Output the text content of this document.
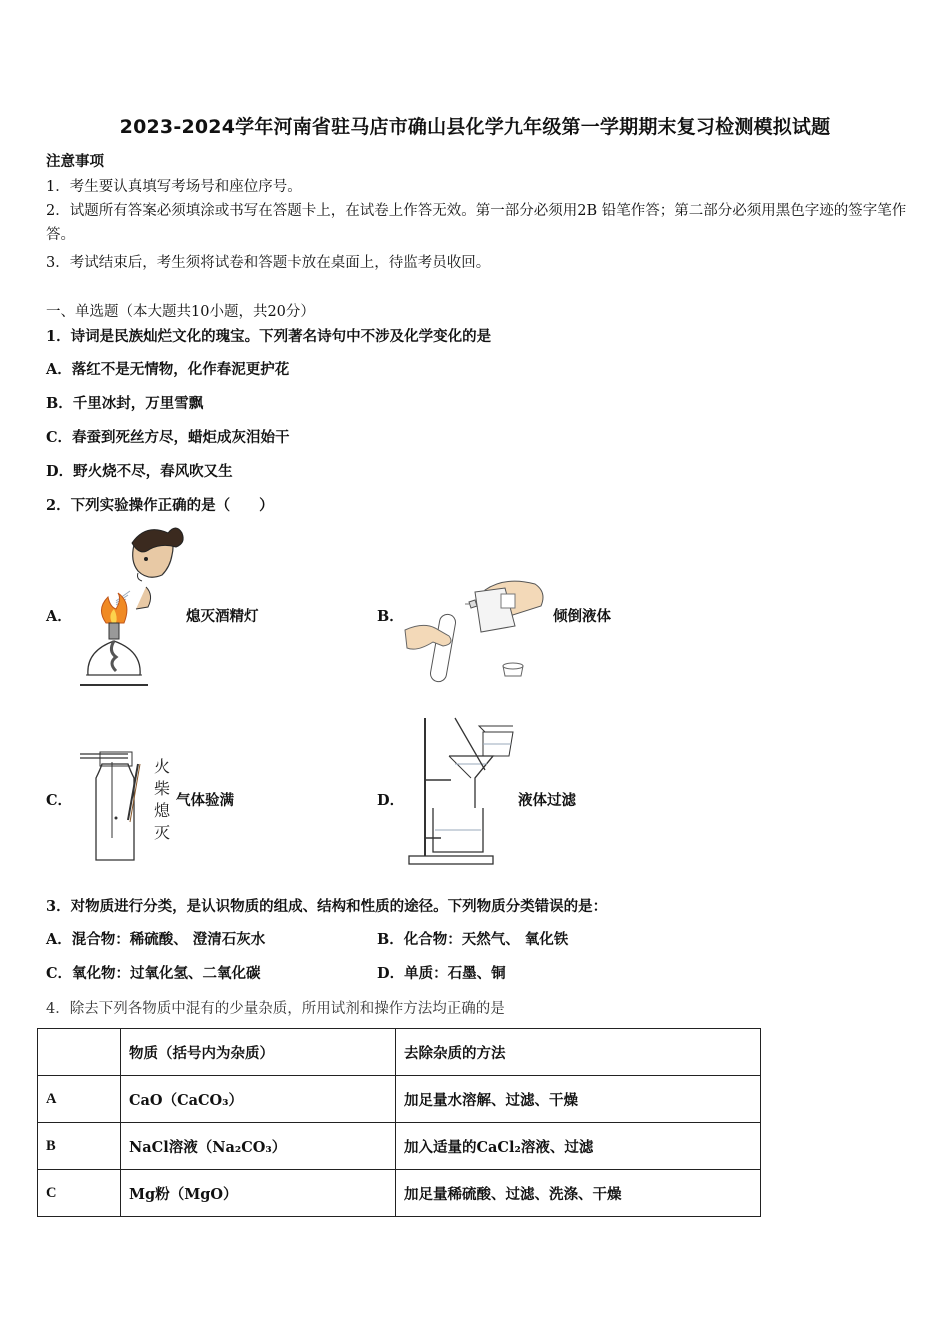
2023-2024学年河南省驻马店市确山县化学九年级第一学期期末复习检测模拟试题
注意事项
1．考生要认真填写考场号和座位序号。
2．试题所有答案必须填涂或书写在答题卡上，在试卷上作答无效。第一部分必须用2B 铅笔作答；第二部分必须用黑色字迹的签字笔作答。
3．考试结束后，考生须将试卷和答题卡放在桌面上，待监考员收回。
一、单选题（本大题共10小题，共20分）
1．诗词是民族灿烂文化的瑰宝。下列著名诗句中不涉及化学变化的是
A．落红不是无情物，化作春泥更护花
B．千里冰封，万里雪飘
C．春蚕到死丝方尽，蜡炬成灰泪始干
D．野火烧不尽，春风吹又生
2．下列实验操作正确的是（　　）
A．	熄灭酒精灯	B．	倾倒液体
C．	气体验满	D．	液体过滤
火
柴
熄
灭
3．对物质进行分类，是认识物质的组成、结构和性质的途径。下列物质分类错误的是：
A．混合物：稀硫酸、 澄清石灰水	B．化合物：天然气、 氧化铁
C．氧化物：过氧化氢、二氧化碳	D．单质：石墨、铜
4．除去下列各物质中混有的少量杂质，所用试剂和操作方法均正确的是
	物质（括号内为杂质）	去除杂质的方法
A	CaO（CaCO₃）	加足量水溶解、过滤、干燥
B	NaCl溶液（Na₂CO₃）	加入适量的CaCl₂溶液、过滤
C	Mg粉（MgO）	加足量稀硫酸、过滤、洗涤、干燥
